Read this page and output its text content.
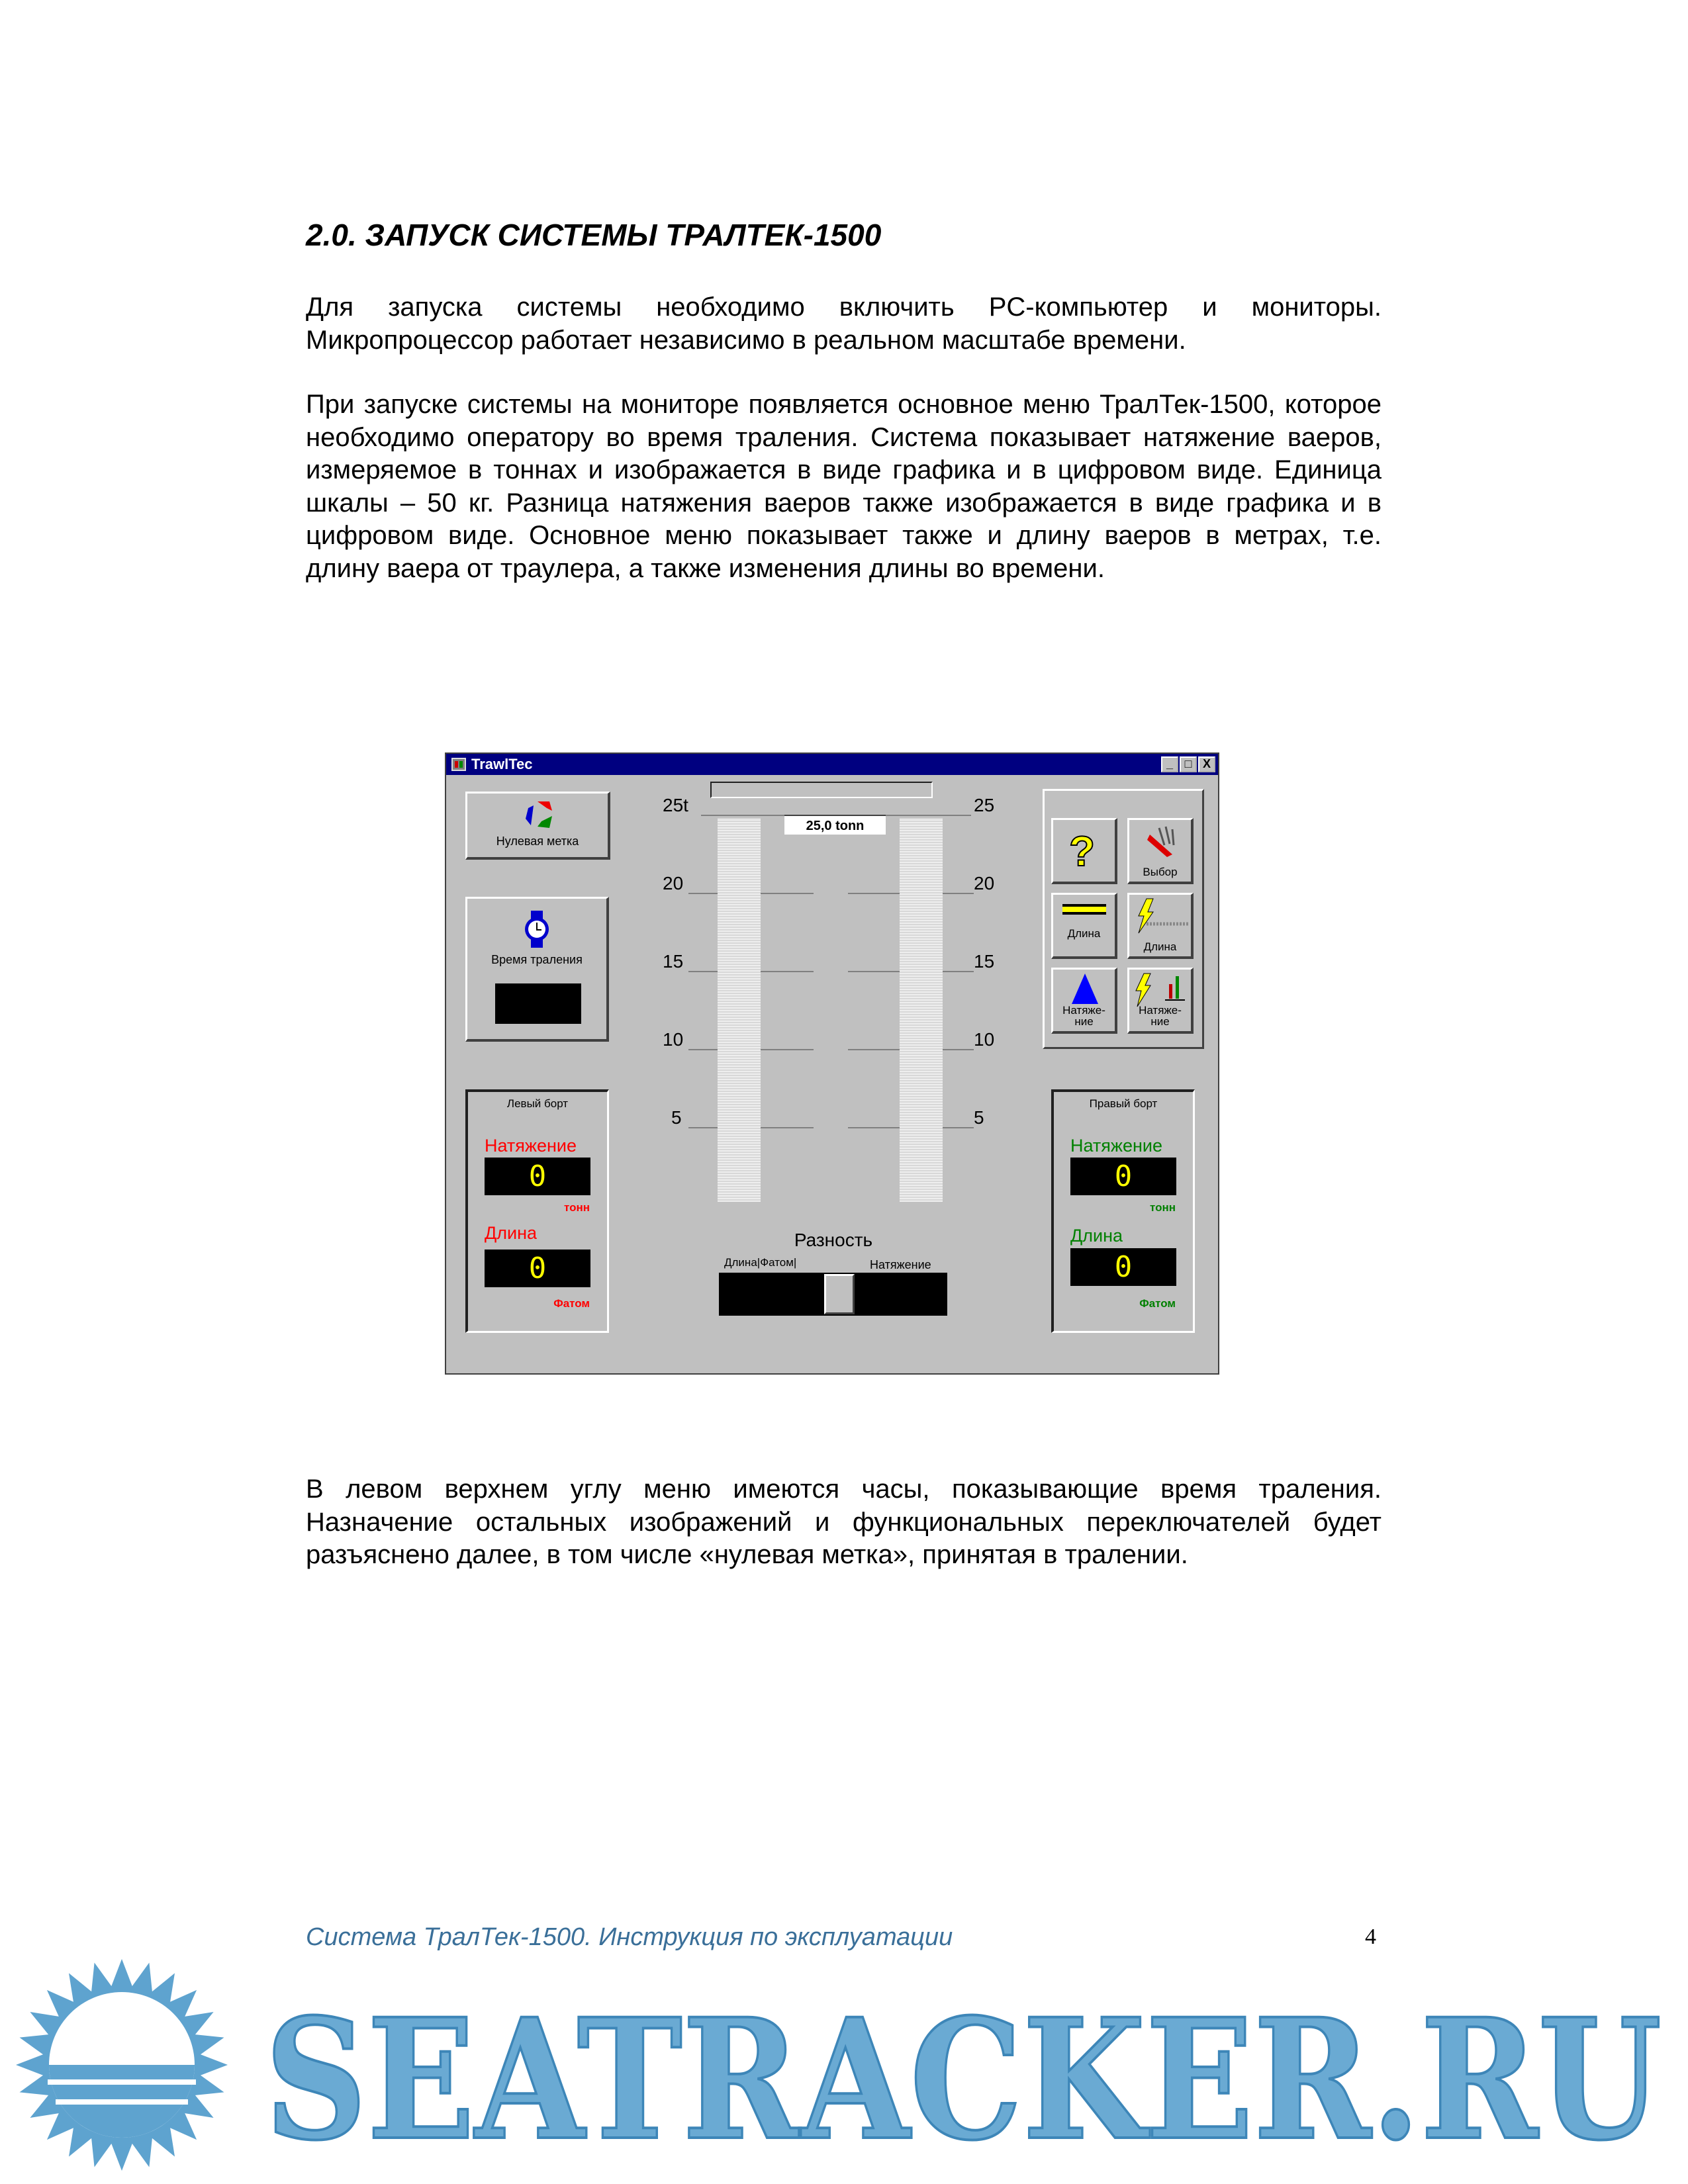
2.0. ЗАПУСК СИСТЕМЫ ТРАЛТЕК-1500

Для запуска системы необходимо включить PC-компьютер и мониторы. Микропроцессор работает независимо в реальном масштабе времени.

При запуске системы на мониторе появляется основное меню ТралТек-1500, которое необходимо оператору во время траления. Система показывает натяжение ваеров, измеряемое в тоннах и изображается в виде графика и в цифровом виде. Единица шкалы – 50 кг. Разница натяжения ваеров также изображается в виде графика и в цифровом виде. Основное меню показывает также и длину ваеров в метрах, т.е. длину ваера от траулера, а также изменения длины во времени.

TrawlTec	_ □ X
Нулевая метка
Время траления
25t	25
20	20
15	15
10	10
5	5
25,0 tonn
?	Выбор
Длина
Длина
Натяже-
ние
Натяже-
ние
Левый борт
Натяжение
0
тонн
Длина
0
Фатом
Правый борт
Натяжение
0
тонн
Длина
0
Фатом
Разность
Длина|Фатом|	Натяжение

В левом верхнем углу меню имеются часы, показывающие время траления. Назначение остальных изображений и функциональных переключателей будет разъяснено далее, в том числе «нулевая метка», принятая в тралении.

SEATRACKER.RU
Система ТралТек-1500. Инструкция по эксплуатации	4
